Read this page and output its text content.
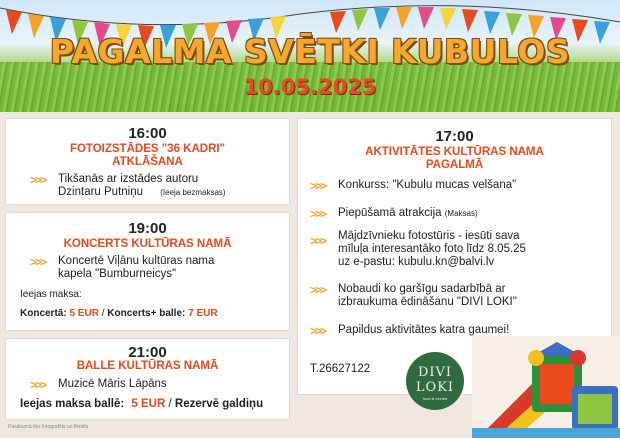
PAGALMA SVĒTKI KUBULOS
10.05.2025
16:00
FOTOIZSTĀDES "36 KADRI"
ATKLĀŠANA
>>> Tikšanās ar izstādes autoru
Dzintaru Putniņu (Ieeja bezmaksas)
19:00
KONCERTS KULTŪRAS NAMĀ
>>> Koncertē Viļānu kultūras nama
kapela "Bumburneicys"
Ieejas maksa:
Koncertā: 5 EUR / Koncerts+ balle: 7 EUR
21:00
BALLE KULTŪRAS NAMĀ
>>> Muzicē Māris Lāpāns
Ieejas maksa ballē: 5 EUR / Rezervē galdiņu
17:00
AKTIVITĀTES KULTŪRAS NAMA
PAGALMĀ
>>> Konkurss: "Kubulu mucas velšana"
>>> Piepūšamā atrakcija (Maksas)
>>> Mājdzīvnieku fotostūris - iesūti sava
mīluļa interesantāko foto līdz 8.05.25
uz e-pastu: kubulu.kn@balvi.lv
>>> Nobaudi ko garšīgu sadarbībā ar
izbraukuma ēdināšanu "DIVI LOKI"
>>> Papildus aktivitātes katra gaumei!
T.26627122	DIVI
LOKI
food & events
Pasākumā tiks fotografēts un filmēts
